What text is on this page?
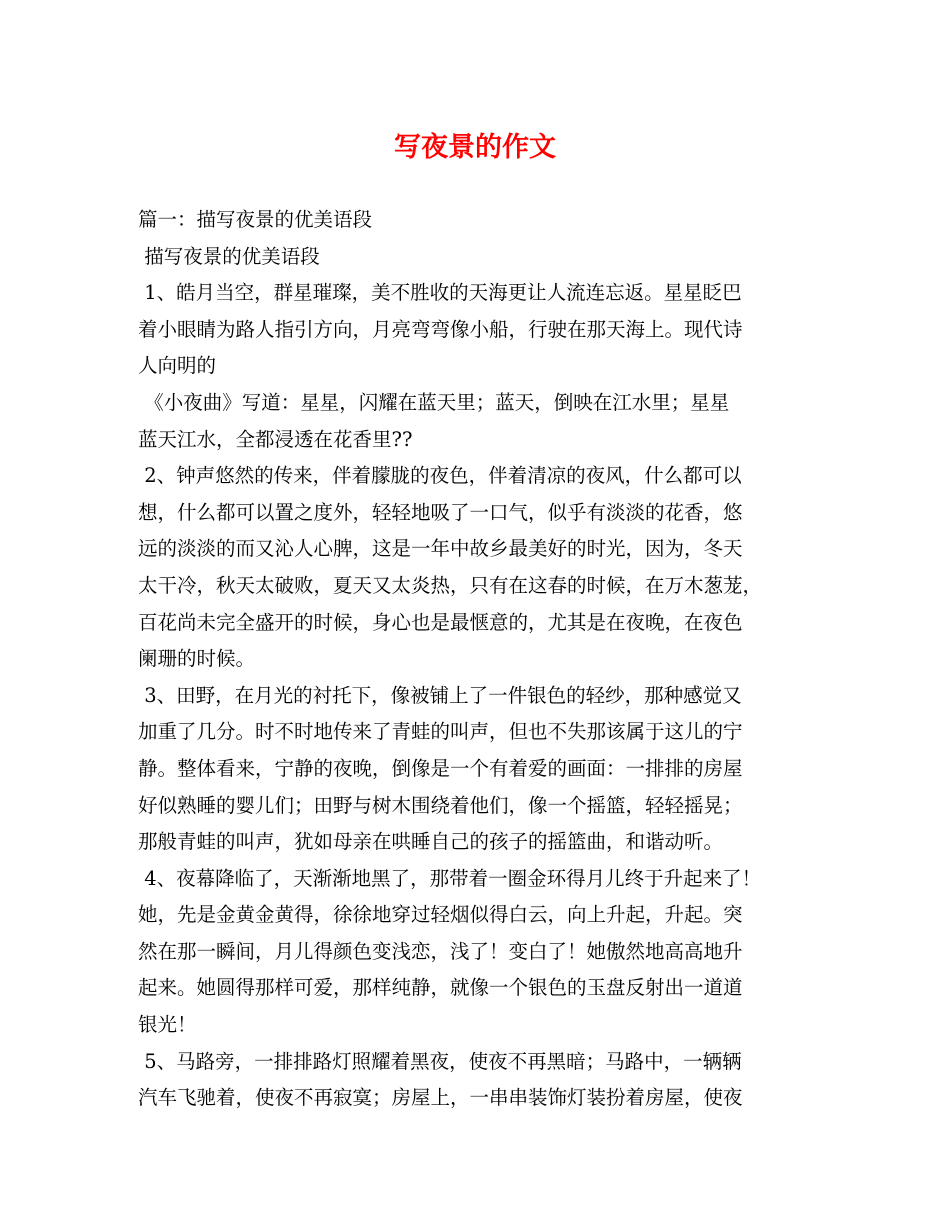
写夜景的作文
篇一：描写夜景的优美语段
描写夜景的优美语段
1、皓月当空，群星璀璨，美不胜收的天海更让人流连忘返。星星眨巴
着小眼睛为路人指引方向，月亮弯弯像小船，行驶在那天海上。现代诗
人向明的
《小夜曲》写道：星星，闪耀在蓝天里；蓝天，倒映在江水里；星星
蓝天江水，全都浸透在花香里??
2、钟声悠然的传来，伴着朦胧的夜色，伴着清凉的夜风，什么都可以
想，什么都可以置之度外，轻轻地吸了一口气，似乎有淡淡的花香，悠
远的淡淡的而又沁人心脾，这是一年中故乡最美好的时光，因为，冬天
太干冷，秋天太破败，夏天又太炎热，只有在这春的时候，在万木葱茏，
百花尚未完全盛开的时候，身心也是最惬意的，尤其是在夜晚，在夜色
阑珊的时候。
3、田野，在月光的衬托下，像被铺上了一件银色的轻纱，那种感觉又
加重了几分。时不时地传来了青蛙的叫声，但也不失那该属于这儿的宁
静。整体看来，宁静的夜晚，倒像是一个有着爱的画面：一排排的房屋
好似熟睡的婴儿们；田野与树木围绕着他们，像一个摇篮，轻轻摇晃；
那般青蛙的叫声，犹如母亲在哄睡自己的孩子的摇篮曲，和谐动听。
4、夜幕降临了，天渐渐地黑了，那带着一圈金环得月儿终于升起来了！
她，先是金黄金黄得，徐徐地穿过轻烟似得白云，向上升起，升起。突
然在那一瞬间，月儿得颜色变浅恋，浅了！变白了！她傲然地高高地升
起来。她圆得那样可爱，那样纯静，就像一个银色的玉盘反射出一道道
银光！
5、马路旁，一排排路灯照耀着黑夜，使夜不再黑暗；马路中，一辆辆
汽车飞驰着，使夜不再寂寞；房屋上，一串串装饰灯装扮着房屋，使夜
